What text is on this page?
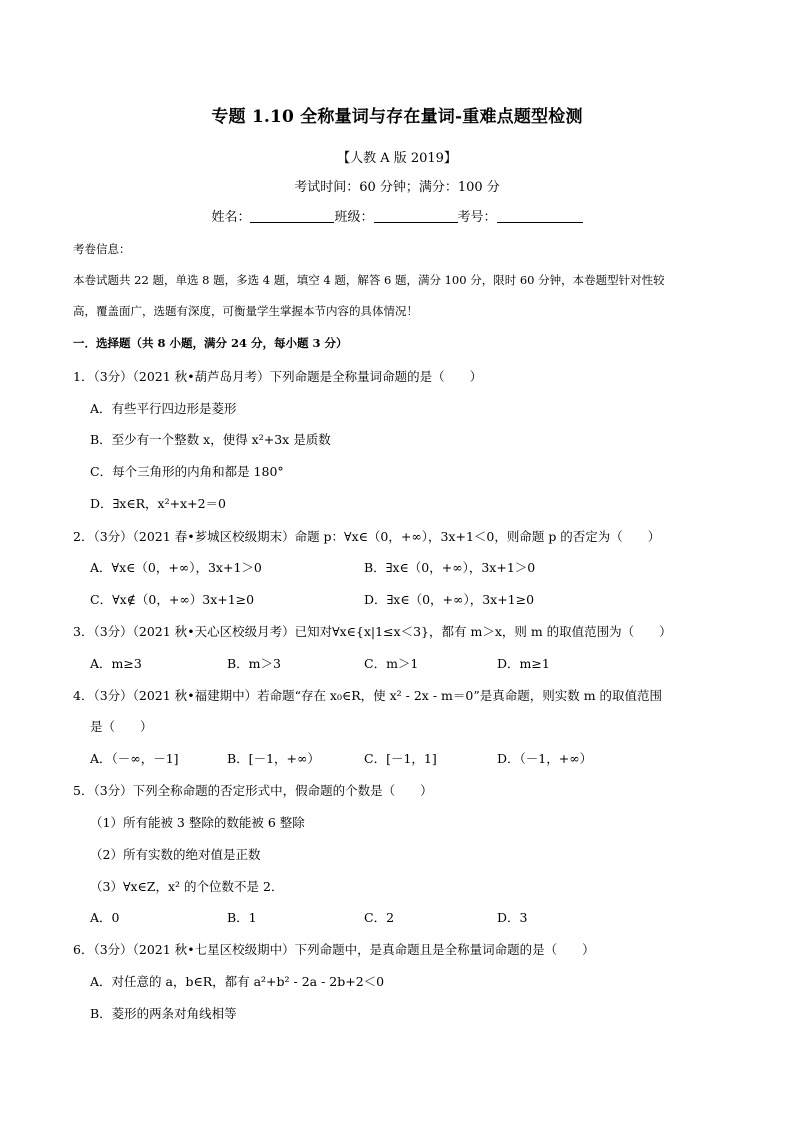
专题 1.10 全称量词与存在量词-重难点题型检测
【人教 A 版 2019】
考试时间：60 分钟；满分：100 分
姓名：	班级：	考号：
考卷信息：
本卷试题共 22 题，单选 8 题，多选 4 题，填空 4 题，解答 6 题，满分 100 分，限时 60 分钟，本卷题型针对性较
高，覆盖面广，选题有深度，可衡量学生掌握本节内容的具体情况！
一．选择题（共 8 小题，满分 24 分，每小题 3 分）
1．（3分）（2021 秋•葫芦岛月考）下列命题是全称量词命题的是（　　）
A．有些平行四边形是菱形
B．至少有一个整数 x，使得 x²+3x 是质数
C．每个三角形的内角和都是 180°
D．∃x∈R，x²+x+2＝0
2．（3分）（2021 春•芗城区校级期末）命题 p：∀x∈（0，+∞），3x+1＜0，则命题 p 的否定为（　　）
A．∀x∈（0，+∞），3x+1＞0	B．∃x∈（0，+∞），3x+1＞0
C．∀x∉（0，+∞）3x+1≥0	D．∃x∈（0，+∞），3x+1≥0
3．（3分）（2021 秋•天心区校级月考）已知对∀x∈{x|1≤x＜3}，都有 m＞x，则 m 的取值范围为（　　）
A．m≥3	B．m＞3	C．m＞1	D．m≥1
4．（3分）（2021 秋•福建期中）若命题“存在 x₀∈R，使 x² - 2x - m＝0”是真命题，则实数 m 的取值范围
是（　　）
A．（－∞，－1]	B．[－1，+∞）	C．[－1，1]	D．（－1，+∞）
5．（3分）下列全称命题的否定形式中，假命题的个数是（　　）
（1）所有能被 3 整除的数能被 6 整除
（2）所有实数的绝对值是正数
（3）∀x∈Z，x² 的个位数不是 2．
A．0	B．1	C．2	D．3
6．（3分）（2021 秋•七星区校级期中）下列命题中，是真命题且是全称量词命题的是（　　）
A．对任意的 a，b∈R，都有 a²+b² - 2a - 2b+2＜0
B．菱形的两条对角线相等
